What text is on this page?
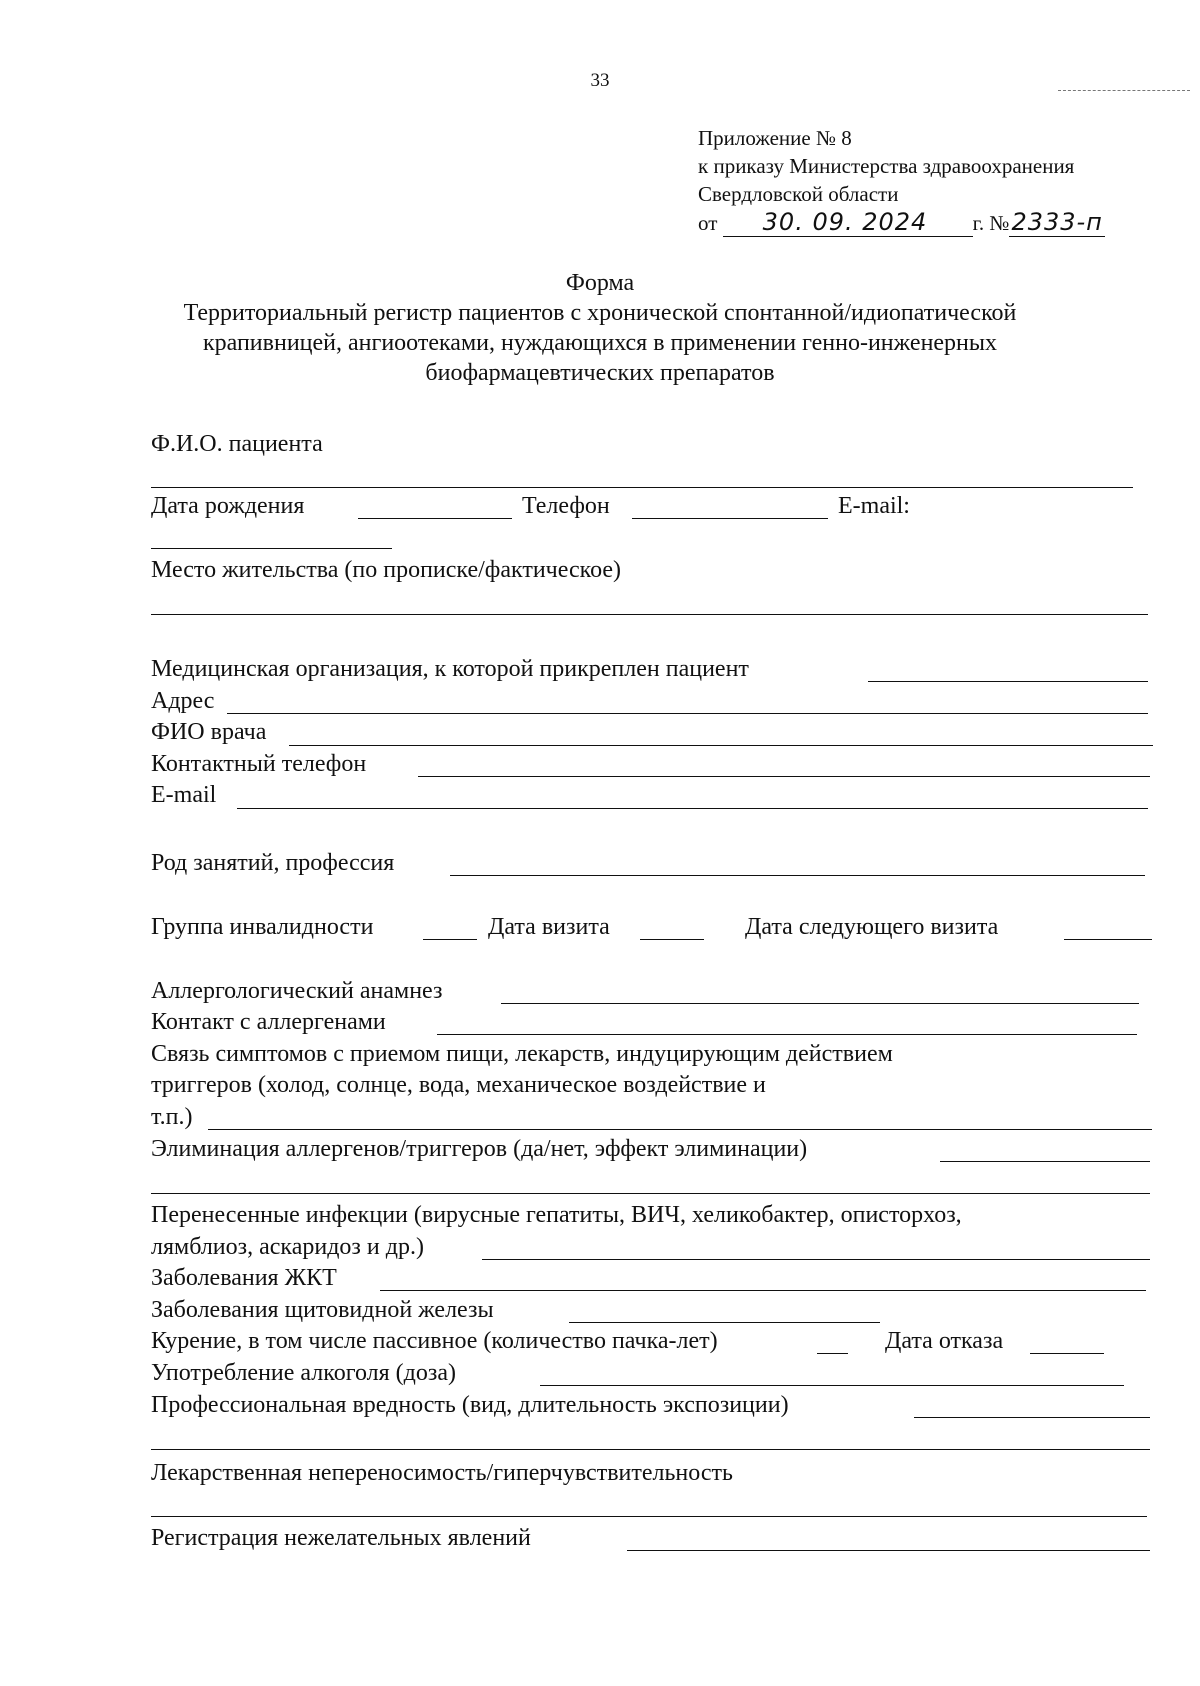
33
Приложение № 8
к приказу Министерства здравоохранения
Свердловской области
от 30. 09. 2024 г. №2333-п
Форма
Территориальный регистр пациентов с хронической спонтанной/идиопатической
крапивницей, ангиоотеками, нуждающихся в применении генно-инженерных
биофармацевтических препаратов
Ф.И.О. пациента
Дата рождения	Телефон	E-mail:
Место жительства (по прописке/фактическое)
Медицинская организация, к которой прикреплен пациент
Адрес
ФИО врача
Контактный телефон
E-mail
Род занятий, профессия
Группа инвалидности	Дата визита	Дата следующего визита
Аллергологический анамнез
Контакт с аллергенами
Связь симптомов с приемом пищи, лекарств, индуцирующим действием
триггеров (холод, солнце, вода, механическое воздействие и
т.п.)
Элиминация аллергенов/триггеров (да/нет, эффект элиминации)
Перенесенные инфекции (вирусные гепатиты, ВИЧ, хеликобактер, описторхоз,
лямблиоз, аскаридоз и др.)
Заболевания ЖКТ
Заболевания щитовидной железы
Курение, в том числе пассивное (количество пачка-лет)	Дата отказа
Употребление алкоголя (доза)
Профессиональная вредность (вид, длительность экспозиции)
Лекарственная непереносимость/гиперчувствительность
Регистрация нежелательных явлений
